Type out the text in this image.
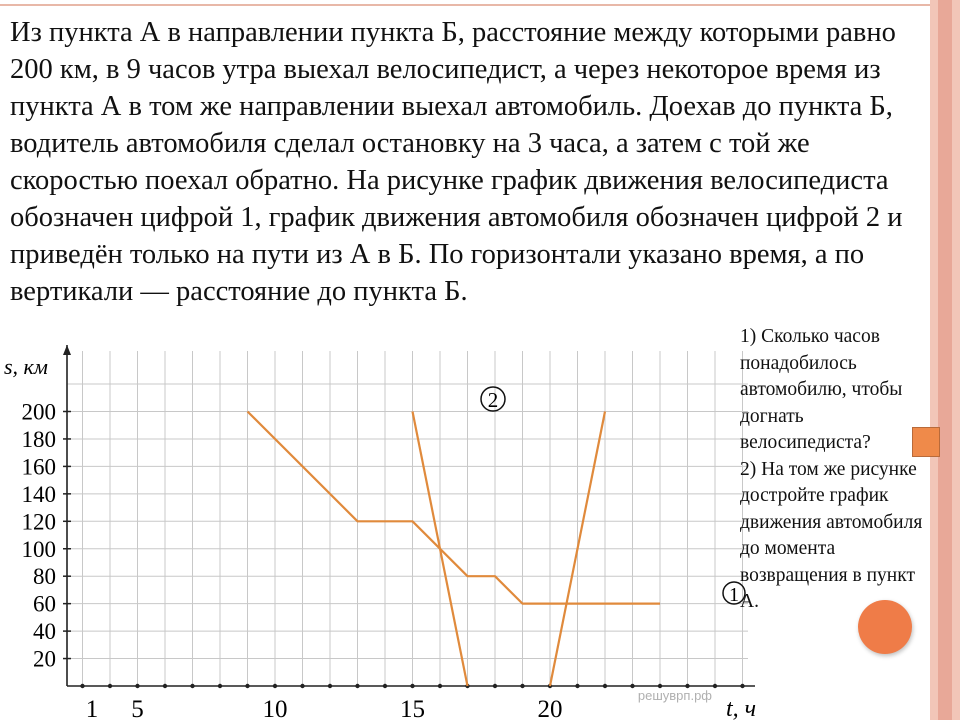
Из пункта А в направлении пункта Б, расстояние между которыми равно 200 км, в 9 часов утра выехал велосипедист, а через некоторое время из пункта А в том же направлении выехал автомобиль. Доехав до пункта Б, водитель автомобиля сделал остановку на 3 часа, а затем с той же скоростью поехал обратно. На рисунке график движения велосипедиста обозначен цифрой 1, график движения автомобиля обозначен цифрой 2 и приведён только на пути из А в Б. По горизонтали указано время, а по вертикали — расстояние до пункта Б.

20
40
60
80
100
120
140
160
180
200
1 5	10	15	20
s, км
t, ч
2
1
решуврп.рф

1) Сколько часов понадобилось автомобилю, чтобы догнать велосипедиста?

2) На том же рисунке достройте график движения автомобиля до момента возвращения в пункт А.
